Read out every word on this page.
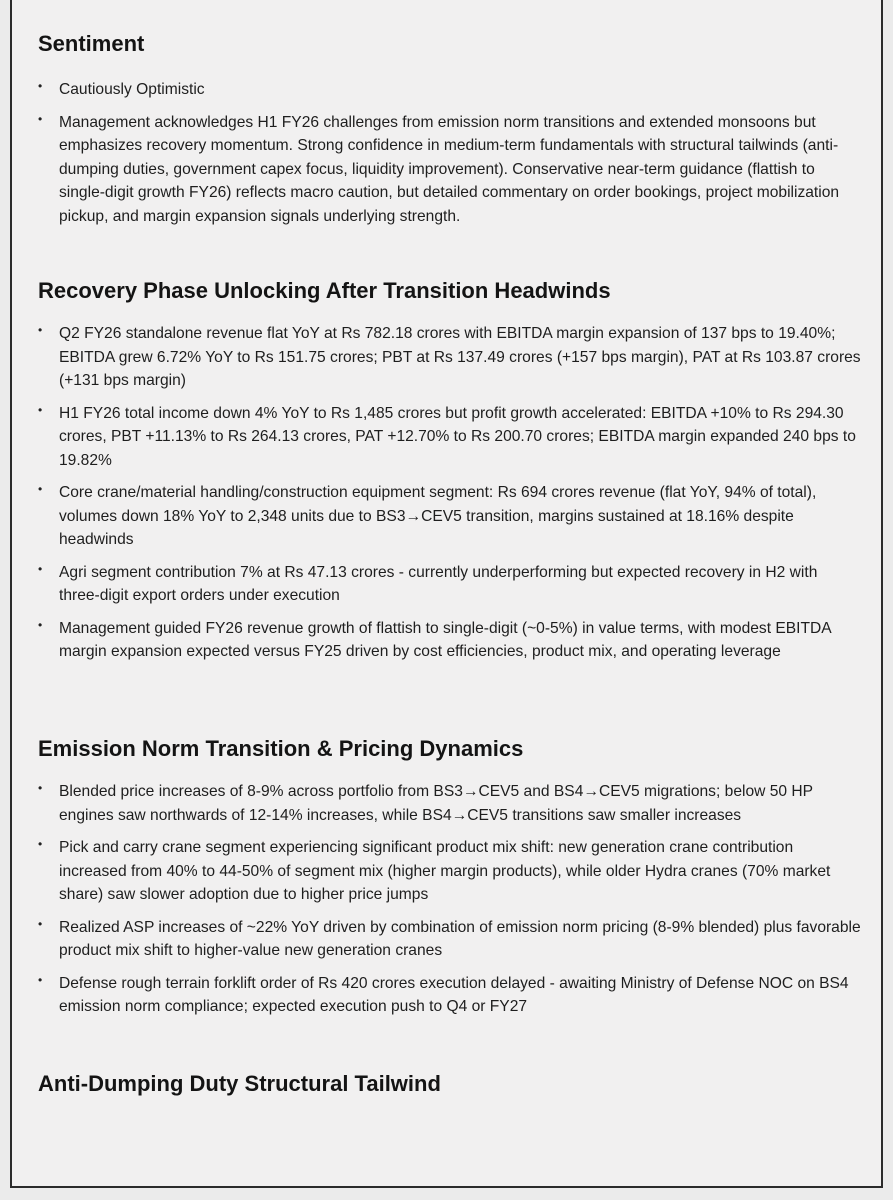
Sentiment
• Cautiously Optimistic
• Management acknowledges H1 FY26 challenges from emission norm transitions and extended monsoons but emphasizes recovery momentum. Strong confidence in medium-term fundamentals with structural tailwinds (anti-dumping duties, government capex focus, liquidity improvement). Conservative near-term guidance (flattish to single-digit growth FY26) reflects macro caution, but detailed commentary on order bookings, project mobilization pickup, and margin expansion signals underlying strength.
Recovery Phase Unlocking After Transition Headwinds
• Q2 FY26 standalone revenue flat YoY at Rs 782.18 crores with EBITDA margin expansion of 137 bps to 19.40%; EBITDA grew 6.72% YoY to Rs 151.75 crores; PBT at Rs 137.49 crores (+157 bps margin), PAT at Rs 103.87 crores (+131 bps margin)
• H1 FY26 total income down 4% YoY to Rs 1,485 crores but profit growth accelerated: EBITDA +10% to Rs 294.30 crores, PBT +11.13% to Rs 264.13 crores, PAT +12.70% to Rs 200.70 crores; EBITDA margin expanded 240 bps to 19.82%
• Core crane/material handling/construction equipment segment: Rs 694 crores revenue (flat YoY, 94% of total), volumes down 18% YoY to 2,348 units due to BS3→CEV5 transition, margins sustained at 18.16% despite headwinds
• Agri segment contribution 7% at Rs 47.13 crores - currently underperforming but expected recovery in H2 with three-digit export orders under execution
• Management guided FY26 revenue growth of flattish to single-digit (~0-5%) in value terms, with modest EBITDA margin expansion expected versus FY25 driven by cost efficiencies, product mix, and operating leverage
Emission Norm Transition & Pricing Dynamics
• Blended price increases of 8-9% across portfolio from BS3→CEV5 and BS4→CEV5 migrations; below 50 HP engines saw northwards of 12-14% increases, while BS4→CEV5 transitions saw smaller increases
• Pick and carry crane segment experiencing significant product mix shift: new generation crane contribution increased from 40% to 44-50% of segment mix (higher margin products), while older Hydra cranes (70% market share) saw slower adoption due to higher price jumps
• Realized ASP increases of ~22% YoY driven by combination of emission norm pricing (8-9% blended) plus favorable product mix shift to higher-value new generation cranes
• Defense rough terrain forklift order of Rs 420 crores execution delayed - awaiting Ministry of Defense NOC on BS4 emission norm compliance; expected execution push to Q4 or FY27
Anti-Dumping Duty Structural Tailwind
